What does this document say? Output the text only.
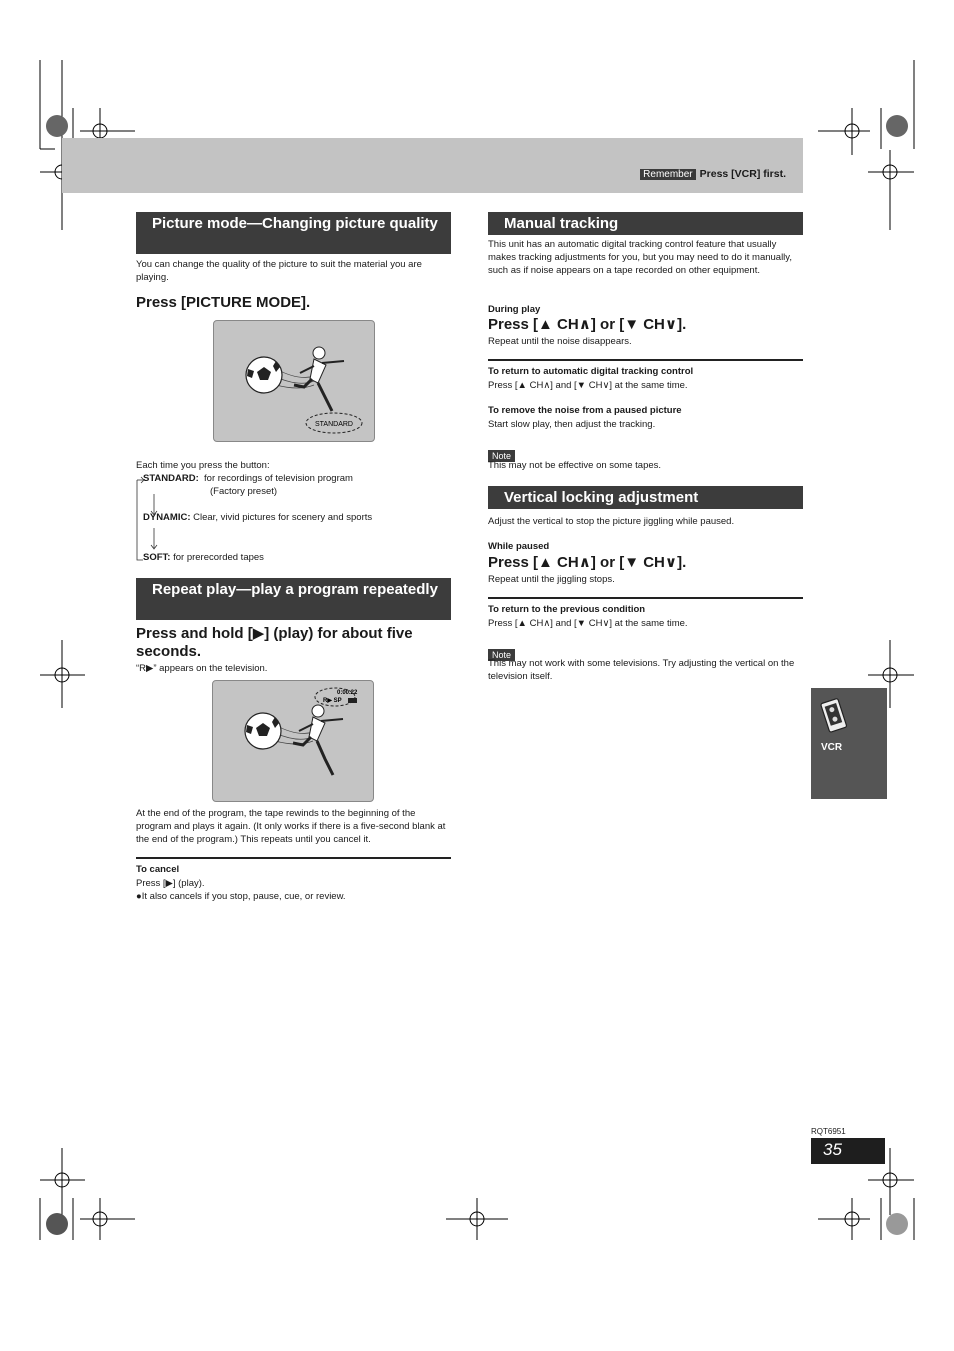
Remember Press [VCR] first.
Picture mode—Changing picture quality
You can change the quality of the picture to suit the material you are playing.
Press [PICTURE MODE].
STANDARD
Each time you press the button:
STANDARD: for recordings of television program
(Factory preset)
DYNAMIC: Clear, vivid pictures for scenery and sports
SOFT: for prerecorded tapes
Repeat play—play a program repeatedly
Press and hold [▶] (play) for about five seconds.
“R▶” appears on the television.
0:00.22
R▶ SP
At the end of the program, the tape rewinds to the beginning of the program and plays it again. (It only works if there is a five-second blank at the end of the program.) This repeats until you cancel it.
To cancel
Press [▶] (play).
●It also cancels if you stop, pause, cue, or review.
Manual tracking
This unit has an automatic digital tracking control feature that usually makes tracking adjustments for you, but you may need to do it manually, such as if noise appears on a tape recorded on other equipment.
During play
Press [▲ CH∧] or [▼ CH∨].
Repeat until the noise disappears.
To return to automatic digital tracking control
Press [▲ CH∧] and [▼ CH∨] at the same time.
To remove the noise from a paused picture
Start slow play, then adjust the tracking.
Note
This may not be effective on some tapes.
Vertical locking adjustment
Adjust the vertical to stop the picture jiggling while paused.
While paused
Press [▲ CH∧] or [▼ CH∨].
Repeat until the jiggling stops.
To return to the previous condition
Press [▲ CH∧] and [▼ CH∨] at the same time.
Note
This may not work with some televisions. Try adjusting the vertical on the television itself.
VCR
RQT6951
35
